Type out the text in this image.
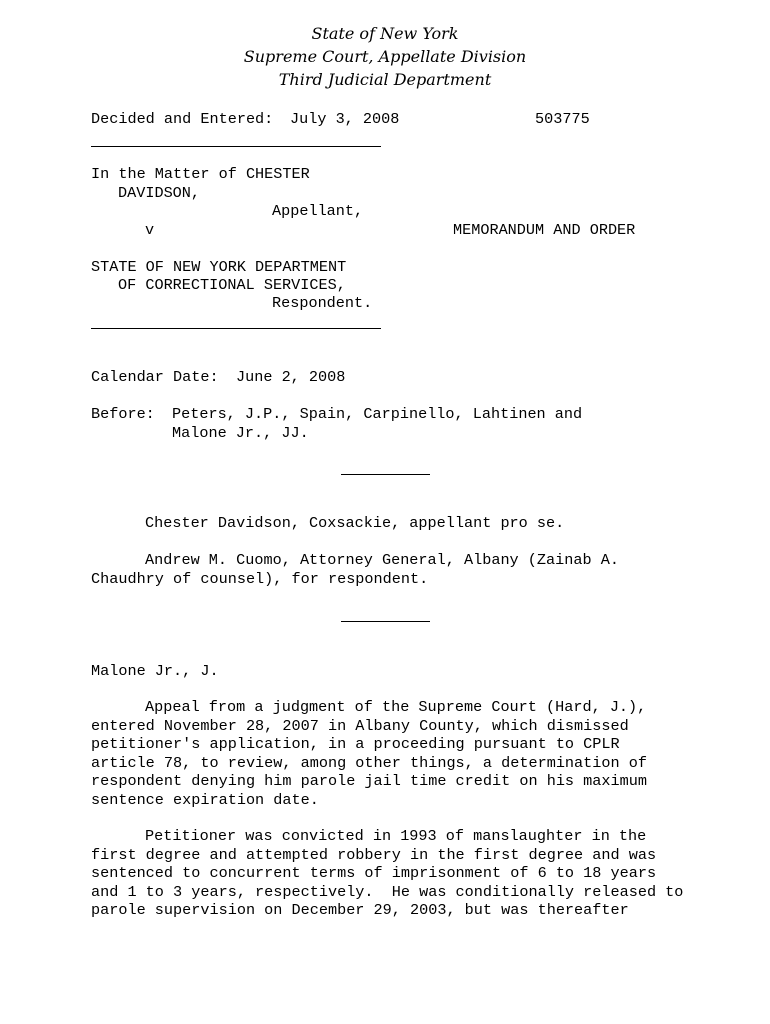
State of New York
Supreme Court, Appellate Division
Third Judicial Department
Decided and Entered: July 3, 2008	503775
In the Matter of CHESTER
DAVIDSON,
Appellant,
v	MEMORANDUM AND ORDER
STATE OF NEW YORK DEPARTMENT
OF CORRECTIONAL SERVICES,
Respondent.
Calendar Date: June 2, 2008
Before: Peters, J.P., Spain, Carpinello, Lahtinen and
Malone Jr., JJ.
Chester Davidson, Coxsackie, appellant pro se.
Andrew M. Cuomo, Attorney General, Albany (Zainab A.
Chaudhry of counsel), for respondent.
Malone Jr., J.
Appeal from a judgment of the Supreme Court (Hard, J.),
entered November 28, 2007 in Albany County, which dismissed
petitioner's application, in a proceeding pursuant to CPLR
article 78, to review, among other things, a determination of
respondent denying him parole jail time credit on his maximum
sentence expiration date.
Petitioner was convicted in 1993 of manslaughter in the
first degree and attempted robbery in the first degree and was
sentenced to concurrent terms of imprisonment of 6 to 18 years
and 1 to 3 years, respectively.  He was conditionally released to
parole supervision on December 29, 2003, but was thereafter
